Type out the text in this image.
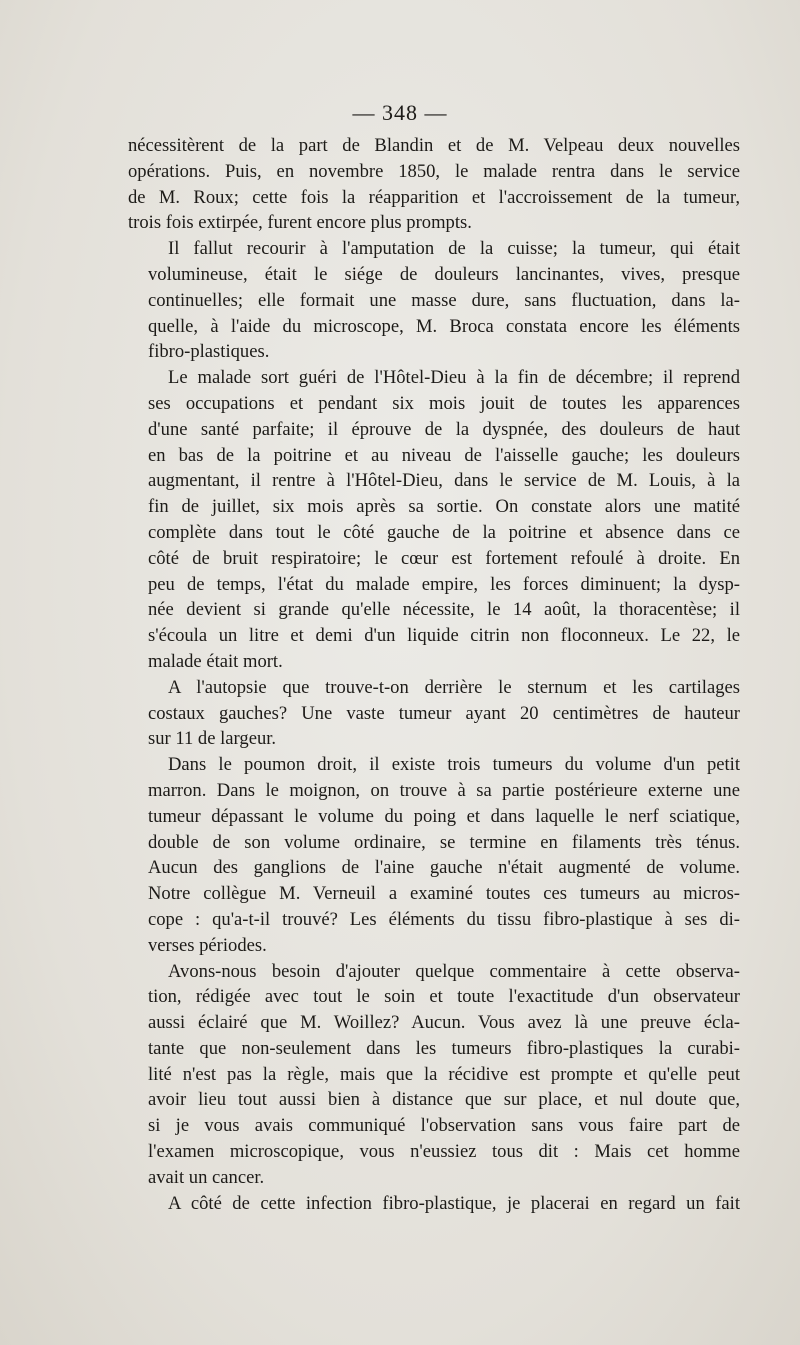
— 348 —

nécessitèrent de la part de Blandin et de M. Velpeau deux nouvelles
opérations. Puis, en novembre 1850, le malade rentra dans le service
de M. Roux; cette fois la réapparition et l'accroissement de la tumeur,
trois fois extirpée, furent encore plus prompts.

Il fallut recourir à l'amputation de la cuisse; la tumeur, qui était
volumineuse, était le siége de douleurs lancinantes, vives, presque
continuelles; elle formait une masse dure, sans fluctuation, dans la-
quelle, à l'aide du microscope, M. Broca constata encore les éléments
fibro-plastiques.

Le malade sort guéri de l'Hôtel-Dieu à la fin de décembre; il reprend
ses occupations et pendant six mois jouit de toutes les apparences
d'une santé parfaite; il éprouve de la dyspnée, des douleurs de haut
en bas de la poitrine et au niveau de l'aisselle gauche; les douleurs
augmentant, il rentre à l'Hôtel-Dieu, dans le service de M. Louis, à la
fin de juillet, six mois après sa sortie. On constate alors une matité
complète dans tout le côté gauche de la poitrine et absence dans ce
côté de bruit respiratoire; le cœur est fortement refoulé à droite. En
peu de temps, l'état du malade empire, les forces diminuent; la dysp-
née devient si grande qu'elle nécessite, le 14 août, la thoracentèse; il
s'écoula un litre et demi d'un liquide citrin non floconneux. Le 22, le
malade était mort.

A l'autopsie que trouve-t-on derrière le sternum et les cartilages
costaux gauches? Une vaste tumeur ayant 20 centimètres de hauteur
sur 11 de largeur.

Dans le poumon droit, il existe trois tumeurs du volume d'un petit
marron. Dans le moignon, on trouve à sa partie postérieure externe une
tumeur dépassant le volume du poing et dans laquelle le nerf sciatique,
double de son volume ordinaire, se termine en filaments très ténus.
Aucun des ganglions de l'aine gauche n'était augmenté de volume.
Notre collègue M. Verneuil a examiné toutes ces tumeurs au micros-
cope : qu'a-t-il trouvé? Les éléments du tissu fibro-plastique à ses di-
verses périodes.

Avons-nous besoin d'ajouter quelque commentaire à cette observa-
tion, rédigée avec tout le soin et toute l'exactitude d'un observateur
aussi éclairé que M. Woillez? Aucun. Vous avez là une preuve écla-
tante que non-seulement dans les tumeurs fibro-plastiques la curabi-
lité n'est pas la règle, mais que la récidive est prompte et qu'elle peut
avoir lieu tout aussi bien à distance que sur place, et nul doute que,
si je vous avais communiqué l'observation sans vous faire part de
l'examen microscopique, vous n'eussiez tous dit : Mais cet homme
avait un cancer.

A côté de cette infection fibro-plastique, je placerai en regard un fait
